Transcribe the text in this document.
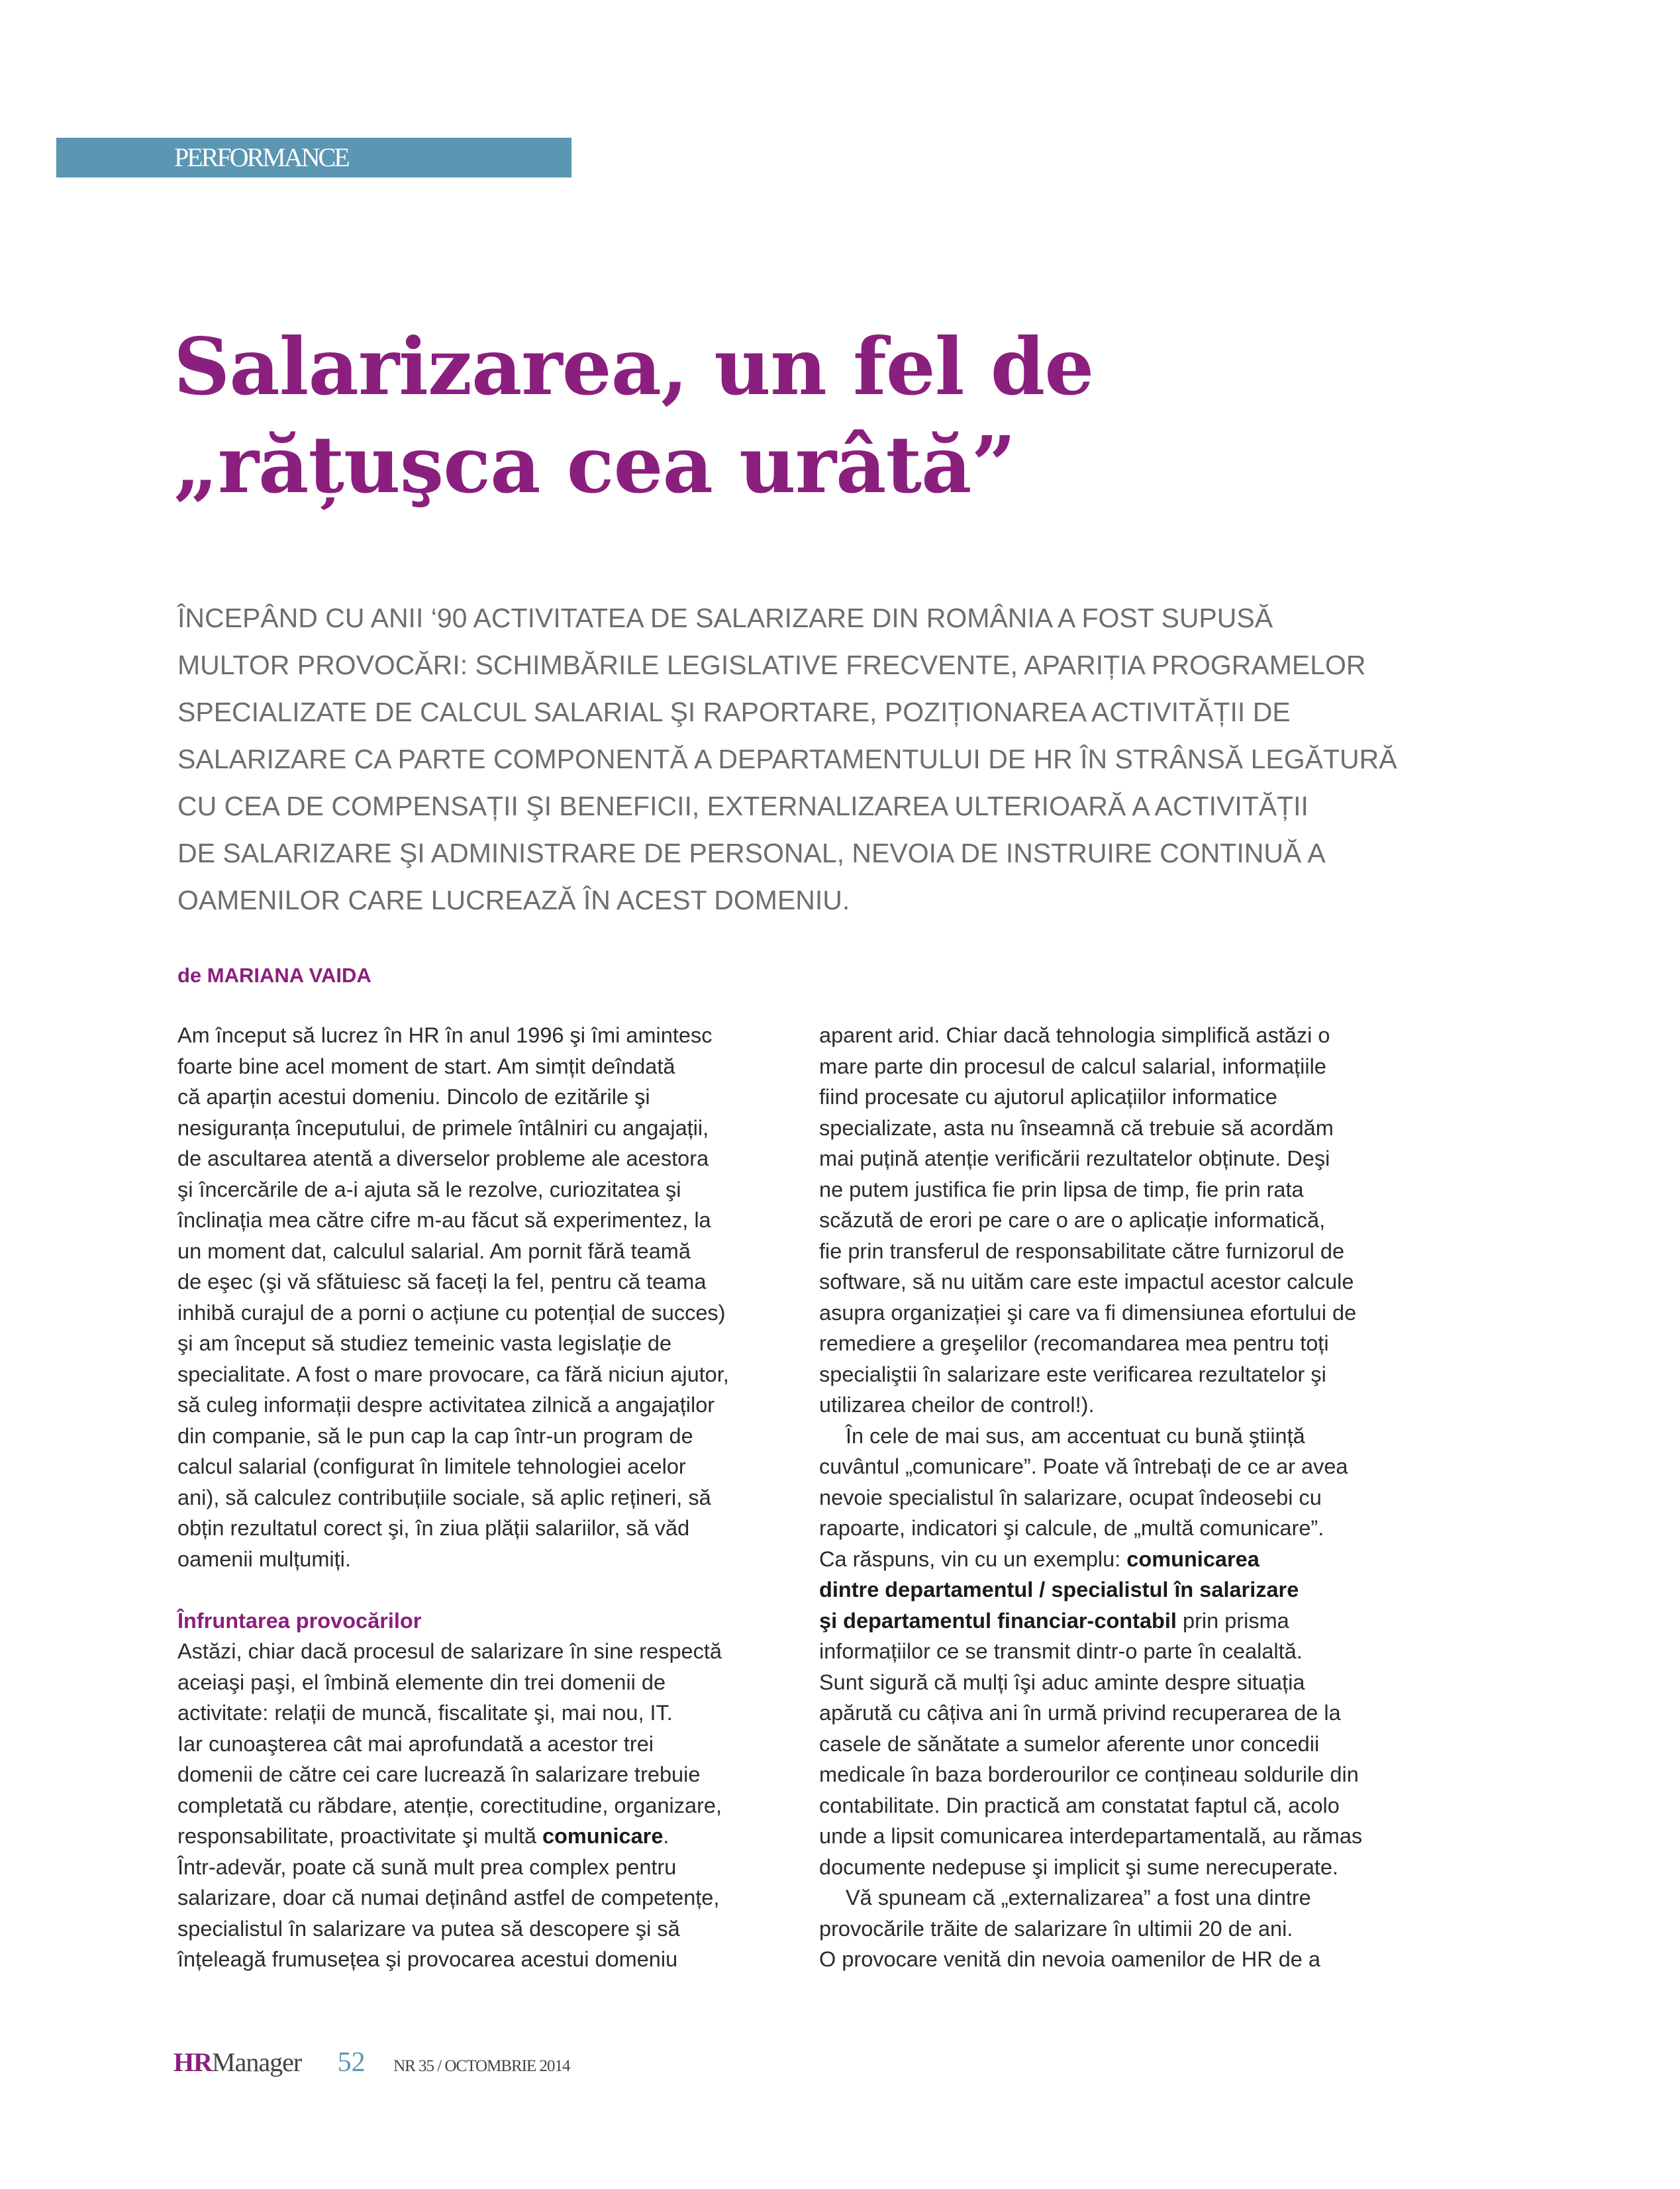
PERFORMANCE
Salarizarea, un fel de
„rățuşca cea urâtă”
ÎNCEPÂND CU ANII ‘90 ACTIVITATEA DE SALARIZARE DIN ROMÂNIA A FOST SUPUSĂ
MULTOR PROVOCĂRI: SCHIMBĂRILE LEGISLATIVE FRECVENTE, APARIȚIA PROGRAMELOR
SPECIALIZATE DE CALCUL SALARIAL ŞI RAPORTARE, POZIȚIONAREA ACTIVITĂȚII DE
SALARIZARE CA PARTE COMPONENTĂ A DEPARTAMENTULUI DE HR ÎN STRÂNSĂ LEGĂTURĂ
CU CEA DE COMPENSAȚII ŞI BENEFICII, EXTERNALIZAREA ULTERIOARĂ A ACTIVITĂȚII
DE SALARIZARE ŞI ADMINISTRARE DE PERSONAL, NEVOIA DE INSTRUIRE CONTINUĂ A
OAMENILOR CARE LUCREAZĂ ÎN ACEST DOMENIU.
de MARIANA VAIDA
Am început să lucrez în HR în anul 1996 şi îmi amintesc
foarte bine acel moment de start. Am simțit deîndată
că aparțin acestui domeniu. Dincolo de ezitările şi
nesiguranța începutului, de primele întâlniri cu angajații,
de ascultarea atentă a diverselor probleme ale acestora
şi încercările de a-i ajuta să le rezolve, curiozitatea şi
înclinația mea către cifre m-au făcut să experimentez, la
un moment dat, calculul salarial. Am pornit fără teamă
de eşec (şi vă sfătuiesc să faceți la fel, pentru că teama
inhibă curajul de a porni o acțiune cu potențial de succes)
şi am început să studiez temeinic vasta legislație de
specialitate. A fost o mare provocare, ca fără niciun ajutor,
să culeg informații despre activitatea zilnică a angajaților
din companie, să le pun cap la cap într-un program de
calcul salarial (configurat în limitele tehnologiei acelor
ani), să calculez contribuțiile sociale, să aplic rețineri, să
obțin rezultatul corect şi, în ziua plății salariilor, să văd
oamenii mulțumiți.
Înfruntarea provocărilor
Astăzi, chiar dacă procesul de salarizare în sine respectă
aceiaşi paşi, el îmbină elemente din trei domenii de
activitate: relații de muncă, fiscalitate şi, mai nou, IT.
Iar cunoaşterea cât mai aprofundată a acestor trei
domenii de către cei care lucrează în salarizare trebuie
completată cu răbdare, atenție, corectitudine, organizare,
responsabilitate, proactivitate şi multă comunicare.
Într-adevăr, poate că sună mult prea complex pentru
salarizare, doar că numai deținând astfel de competențe,
specialistul în salarizare va putea să descopere şi să
înțeleagă frumusețea şi provocarea acestui domeniu
aparent arid. Chiar dacă tehnologia simplifică astăzi o
mare parte din procesul de calcul salarial, informațiile
fiind procesate cu ajutorul aplicațiilor informatice
specializate, asta nu înseamnă că trebuie să acordăm
mai puțină atenție verificării rezultatelor obținute. Deşi
ne putem justifica fie prin lipsa de timp, fie prin rata
scăzută de erori pe care o are o aplicație informatică,
fie prin transferul de responsabilitate către furnizorul de
software, să nu uităm care este impactul acestor calcule
asupra organizației şi care va fi dimensiunea efortului de
remediere a greşelilor (recomandarea mea pentru toți
specialiştii în salarizare este verificarea rezultatelor şi
utilizarea cheilor de control!).
În cele de mai sus, am accentuat cu bună ştiință
cuvântul „comunicare”. Poate vă întrebați de ce ar avea
nevoie specialistul în salarizare, ocupat îndeosebi cu
rapoarte, indicatori şi calcule, de „multă comunicare”.
Ca răspuns, vin cu un exemplu: comunicarea
dintre departamentul / specialistul în salarizare
şi departamentul financiar-contabil prin prisma
informațiilor ce se transmit dintr-o parte în cealaltă.
Sunt sigură că mulți îşi aduc aminte despre situația
apărută cu câțiva ani în urmă privind recuperarea de la
casele de sănătate a sumelor aferente unor concedii
medicale în baza borderourilor ce conțineau soldurile din
contabilitate. Din practică am constatat faptul că, acolo
unde a lipsit comunicarea interdepartamentală, au rămas
documente nedepuse şi implicit şi sume nerecuperate.
Vă spuneam că „externalizarea” a fost una dintre
provocările trăite de salarizare în ultimii 20 de ani.
O provocare venită din nevoia oamenilor de HR de a
HRManager 52 NR 35 / OCTOMBRIE 2014
